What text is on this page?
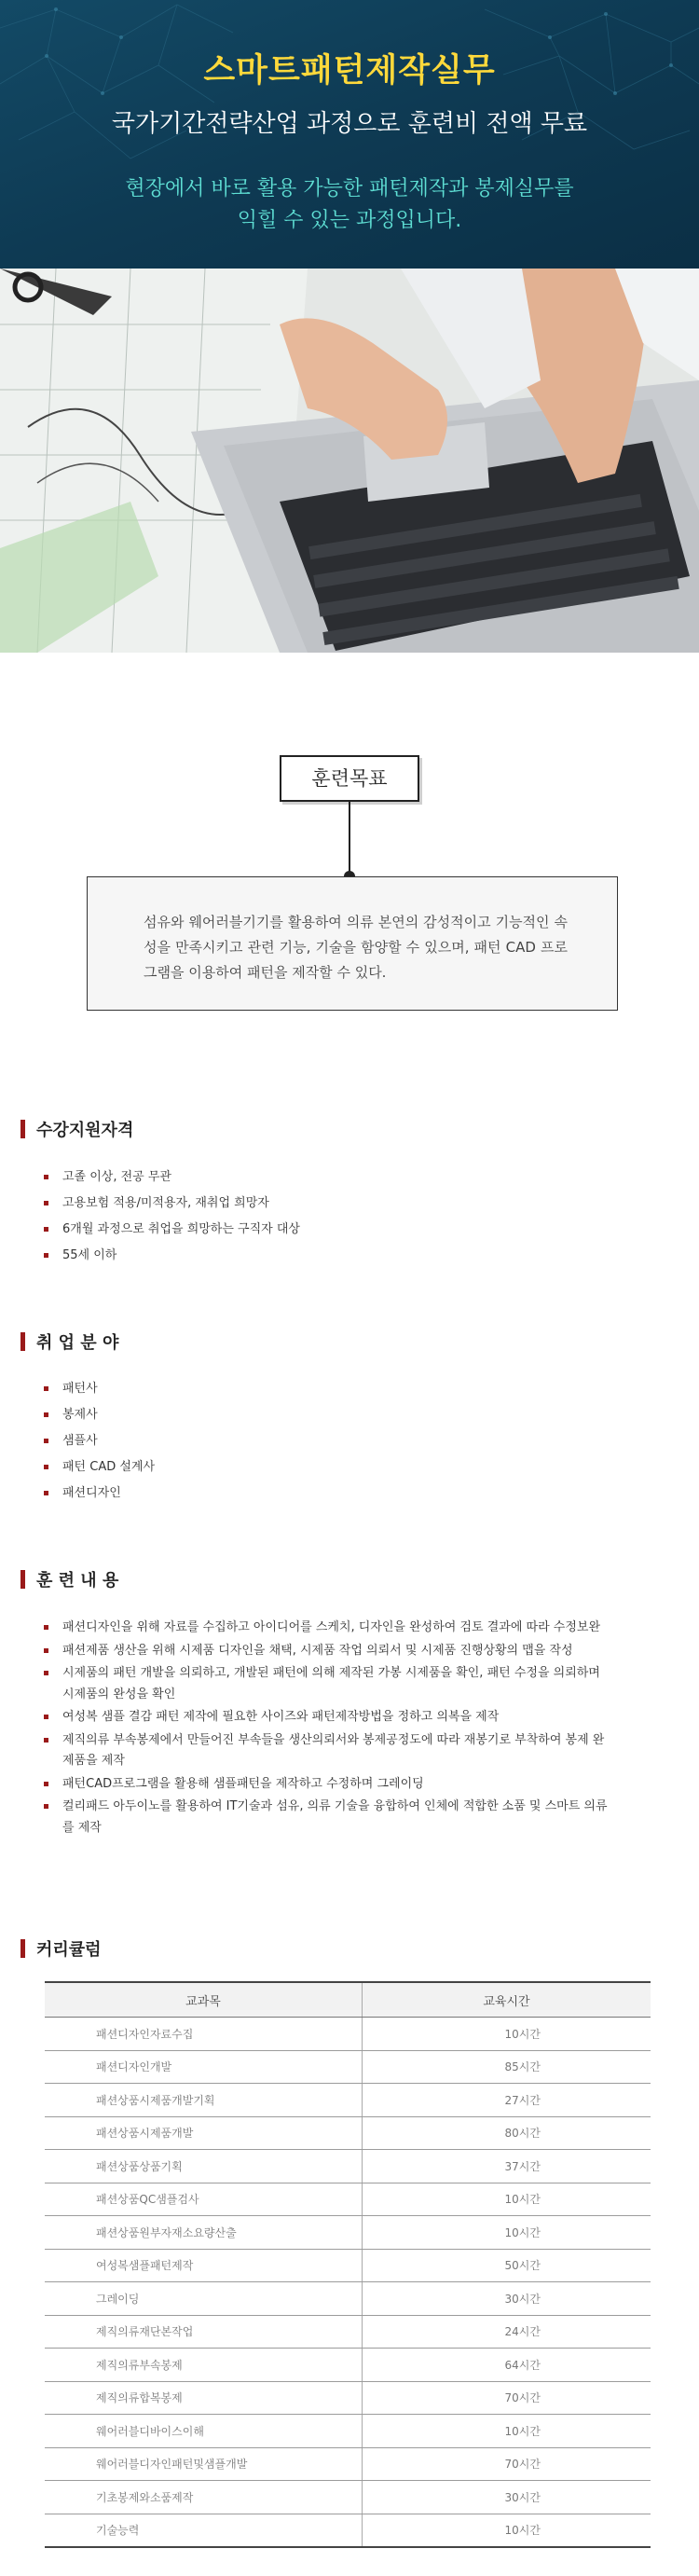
스마트패턴제작실무
국가기간전략산업 과정으로 훈련비 전액 무료
현장에서 바로 활용 가능한 패턴제작과 봉제실무를
익힐 수 있는 과정입니다.
훈련목표
섬유와 웨어러블기기를 활용하여 의류 본연의 감성적이고 기능적인 속성을 만족시키고 관련 기능, 기술을 함양할 수 있으며, 패턴 CAD 프로그램을 이용하여 패턴을 제작할 수 있다.
수강지원자격
고졸 이상, 전공 무관
고용보험 적용/미적용자, 재취업 희망자
6개월 과정으로 취업을 희망하는 구직자 대상
55세 이하
취 업 분 야
패턴사
봉제사
샘플사
패턴 CAD 설계사
패션디자인
훈 련 내 용
패션디자인을 위해 자료를 수집하고 아이디어를 스케치, 디자인을 완성하여 검토 결과에 따라 수정보완
패션제품 생산을 위해 시제품 디자인을 채택, 시제품 작업 의뢰서 및 시제품 진행상황의 맵을 작성
시제품의 패턴 개발을 의뢰하고, 개발된 패턴에 의해 제작된 가봉 시제품을 확인, 패턴 수정을 의뢰하며 시제품의 완성을 확인
여성복 샘플 결감 패턴 제작에 필요한 사이즈와 패턴제작방법을 정하고 의복을 제작
제직의류 부속봉제에서 만들어진 부속들을 생산의뢰서와 봉제공정도에 따라 재봉기로 부착하여 봉제 완제품을 제작
패턴CAD프로그램을 활용해 샘플패턴을 제작하고 수정하며 그레이딩
컬리패드 아두이노를 활용하여 IT기술과 섬유, 의류 기술을 융합하여 인체에 적합한 소품 및 스마트 의류를 제작
커리큘럼
교과목	교육시간
패션디자인자료수집	10시간
패션디자인개발	85시간
패션상품시제품개발기획	27시간
패션상품시제품개발	80시간
패션상품상품기획	37시간
패션상품QC샘플검사	10시간
패션상품원부자재소요량산출	10시간
여성복샘플패턴제작	50시간
그레이딩	30시간
제직의류재단본작업	24시간
제직의류부속봉제	64시간
제직의류합복봉제	70시간
웨어러블디바이스이해	10시간
웨어러블디자인패턴및샘플개발	70시간
기초봉제와소품제작	30시간
기술능력	10시간
